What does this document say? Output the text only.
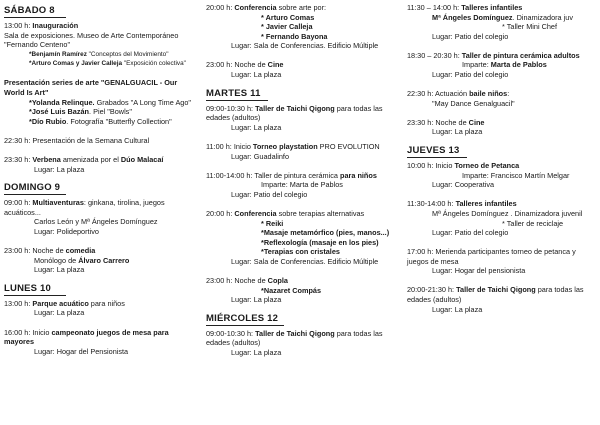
SÁBADO 8
13:00 h: Inauguración
Sala de exposiciones. Museo de Arte Contemporáneo
"Fernando Centeno"
*Benjamín Ramírez "Conceptos del Movimiento"
*Arturo Comas y Javier Calleja "Exposición colectiva"
Presentación series de arte "GENALGUACIL - Our World Is Art"
*Yolanda Relinque. Grabados "A Long Time Ago"
*José Luis Bazán. Piel "Bowls"
*Dío Rubio. Fotografía "Butterfly Collection"
22:30 h: Presentación de la Semana Cultural
23:30 h: Verbena amenizada por el Dúo Malacaí
Lugar: La plaza
DOMINGO 9
09:00 h: Multiaventuras: ginkana, tirolina, juegos
acuáticos...
Carlos León y Mª Ángeles Domínguez
Lugar: Polideportivo
23:00 h: Noche de comedia
Monólogo de Álvaro Carrero
Lugar: La plaza
LUNES 10
13:00 h: Parque acuático para niños
Lugar: La plaza
16:00 h: Inicio campeonato juegos de mesa para
mayores
Lugar: Hogar del Pensionista
20:00 h: Conferencia sobre arte por:
* Arturo Comas
* Javier Calleja
* Fernando Bayona
Lugar: Sala de Conferencias. Edificio Múltiple
23:00 h: Noche de Cine
Lugar: La plaza
MARTES 11
09:00-10:30 h: Taller de Taichi Qigong para todas las
edades (adultos)
Lugar: La plaza
11:00 h: Inicio Torneo playstation PRO EVOLUTION
Lugar: Guadalinfo
11:00-14:00 h: Taller de pintura cerámica para niños
Imparte: Marta de Pablos
Lugar: Patio del colegio
20:00 h: Conferencia sobre terapias alternativas
* Reiki
*Masaje metamórfico (pies, manos...)
*Reflexología (masaje en los pies)
*Terapias con cristales
Lugar: Sala de Conferencias. Edificio Múltiple
23:00 h: Noche de Copla
*Nazaret Compás
Lugar: La plaza
MIÉRCOLES 12
09:00-10:30 h: Taller de Taichi Qigong para todas las
edades (adultos)
Lugar: La plaza
11:30 – 14:00 h: Talleres infantiles
Mª Ángeles Domínguez. Dinamizadora juv
* Taller Mini Chef
Lugar: Patio del colegio
18:30 – 20:30 h: Taller de pintura cerámica adultos
Imparte: Marta de Pablos
Lugar: Patio del colegio
22:30 h: Actuación baile niños:
"May Dance Genalguacil"
23:30 h: Noche de Cine
Lugar: La plaza
JUEVES 13
10:00 h: Inicio Torneo de Petanca
Imparte: Francisco Martín Melgar
Lugar: Cooperativa
11:30-14:00 h: Talleres infantiles
Mª Ángeles Domínguez . Dinamizadora juvenil
* Taller de reciclaje
Lugar: Patio del colegio
17:00 h: Merienda participantes torneo de petanca y
juegos de mesa
Lugar: Hogar del pensionista
20:00-21:30 h: Taller de Taichi Qigong para todas las
edades (adultos)
Lugar: La plaza
